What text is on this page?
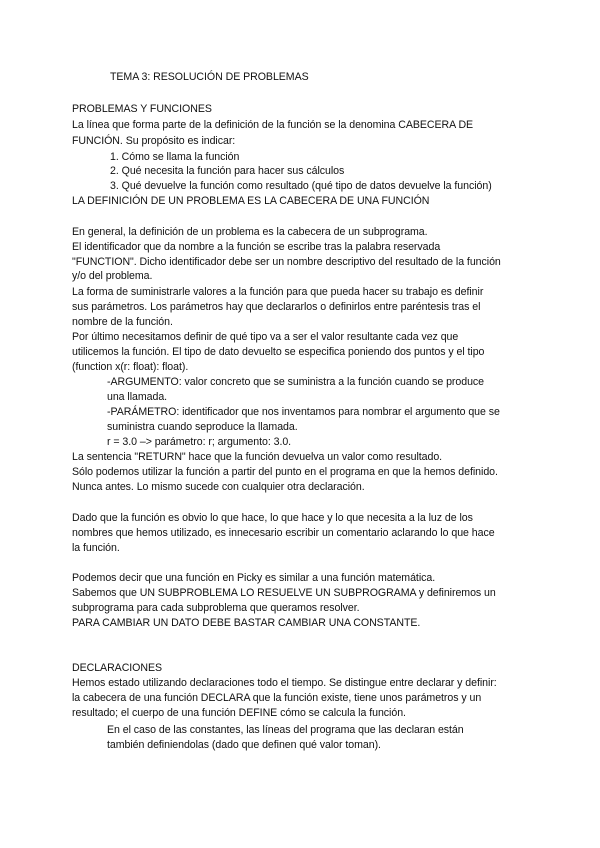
TEMA 3: RESOLUCIÓN DE PROBLEMAS
PROBLEMAS Y FUNCIONES
La línea que forma parte de la definición de la función se la denomina CABECERA DE
FUNCIÓN. Su propósito es indicar:
1. Cómo se llama la función
2. Qué necesita la función para hacer sus cálculos
3. Qué devuelve la función como resultado (qué tipo de datos devuelve la función)
LA DEFINICIÓN DE UN PROBLEMA ES LA CABECERA DE UNA FUNCIÓN
En general, la definición de un problema es la cabecera de un subprograma.
El identificador que da nombre a la función se escribe tras la palabra reservada
"FUNCTION". Dicho identificador debe ser un nombre descriptivo del resultado de la función
y/o del problema.
La forma de suministrarle valores a la función para que pueda hacer su trabajo es definir
sus parámetros. Los parámetros hay que declararlos o definirlos entre paréntesis tras el
nombre de la función.
Por último necesitamos definir de qué tipo va a ser el valor resultante cada vez que
utilicemos la función. El tipo de dato devuelto se especifica poniendo dos puntos y el tipo
(function x(r: float): float).
-ARGUMENTO: valor concreto que se suministra a la función cuando se produce
una llamada.
-PARÁMETRO: identificador que nos inventamos para nombrar el argumento que se
suministra cuando seproduce la llamada.
r = 3.0 –> parámetro: r; argumento: 3.0.
La sentencia "RETURN" hace que la función devuelva un valor como resultado.
Sólo podemos utilizar la función a partir del punto en el programa en que la hemos definido.
Nunca antes. Lo mismo sucede con cualquier otra declaración.
Dado que la función es obvio lo que hace, lo que hace y lo que necesita a la luz de los
nombres que hemos utilizado, es innecesario escribir un comentario aclarando lo que hace
la función.
Podemos decir que una función en Picky es similar a una función matemática.
Sabemos que UN SUBPROBLEMA LO RESUELVE UN SUBPROGRAMA y definiremos un
subprograma para cada subproblema que queramos resolver.
PARA CAMBIAR UN DATO DEBE BASTAR CAMBIAR UNA CONSTANTE.
DECLARACIONES
Hemos estado utilizando declaraciones todo el tiempo. Se distingue entre declarar y definir:
la cabecera de una función DECLARA que la función existe, tiene unos parámetros y un
resultado; el cuerpo de una función DEFINE cómo se calcula la función.
En el caso de las constantes, las líneas del programa que las declaran están
también definiendolas (dado que definen qué valor toman).
